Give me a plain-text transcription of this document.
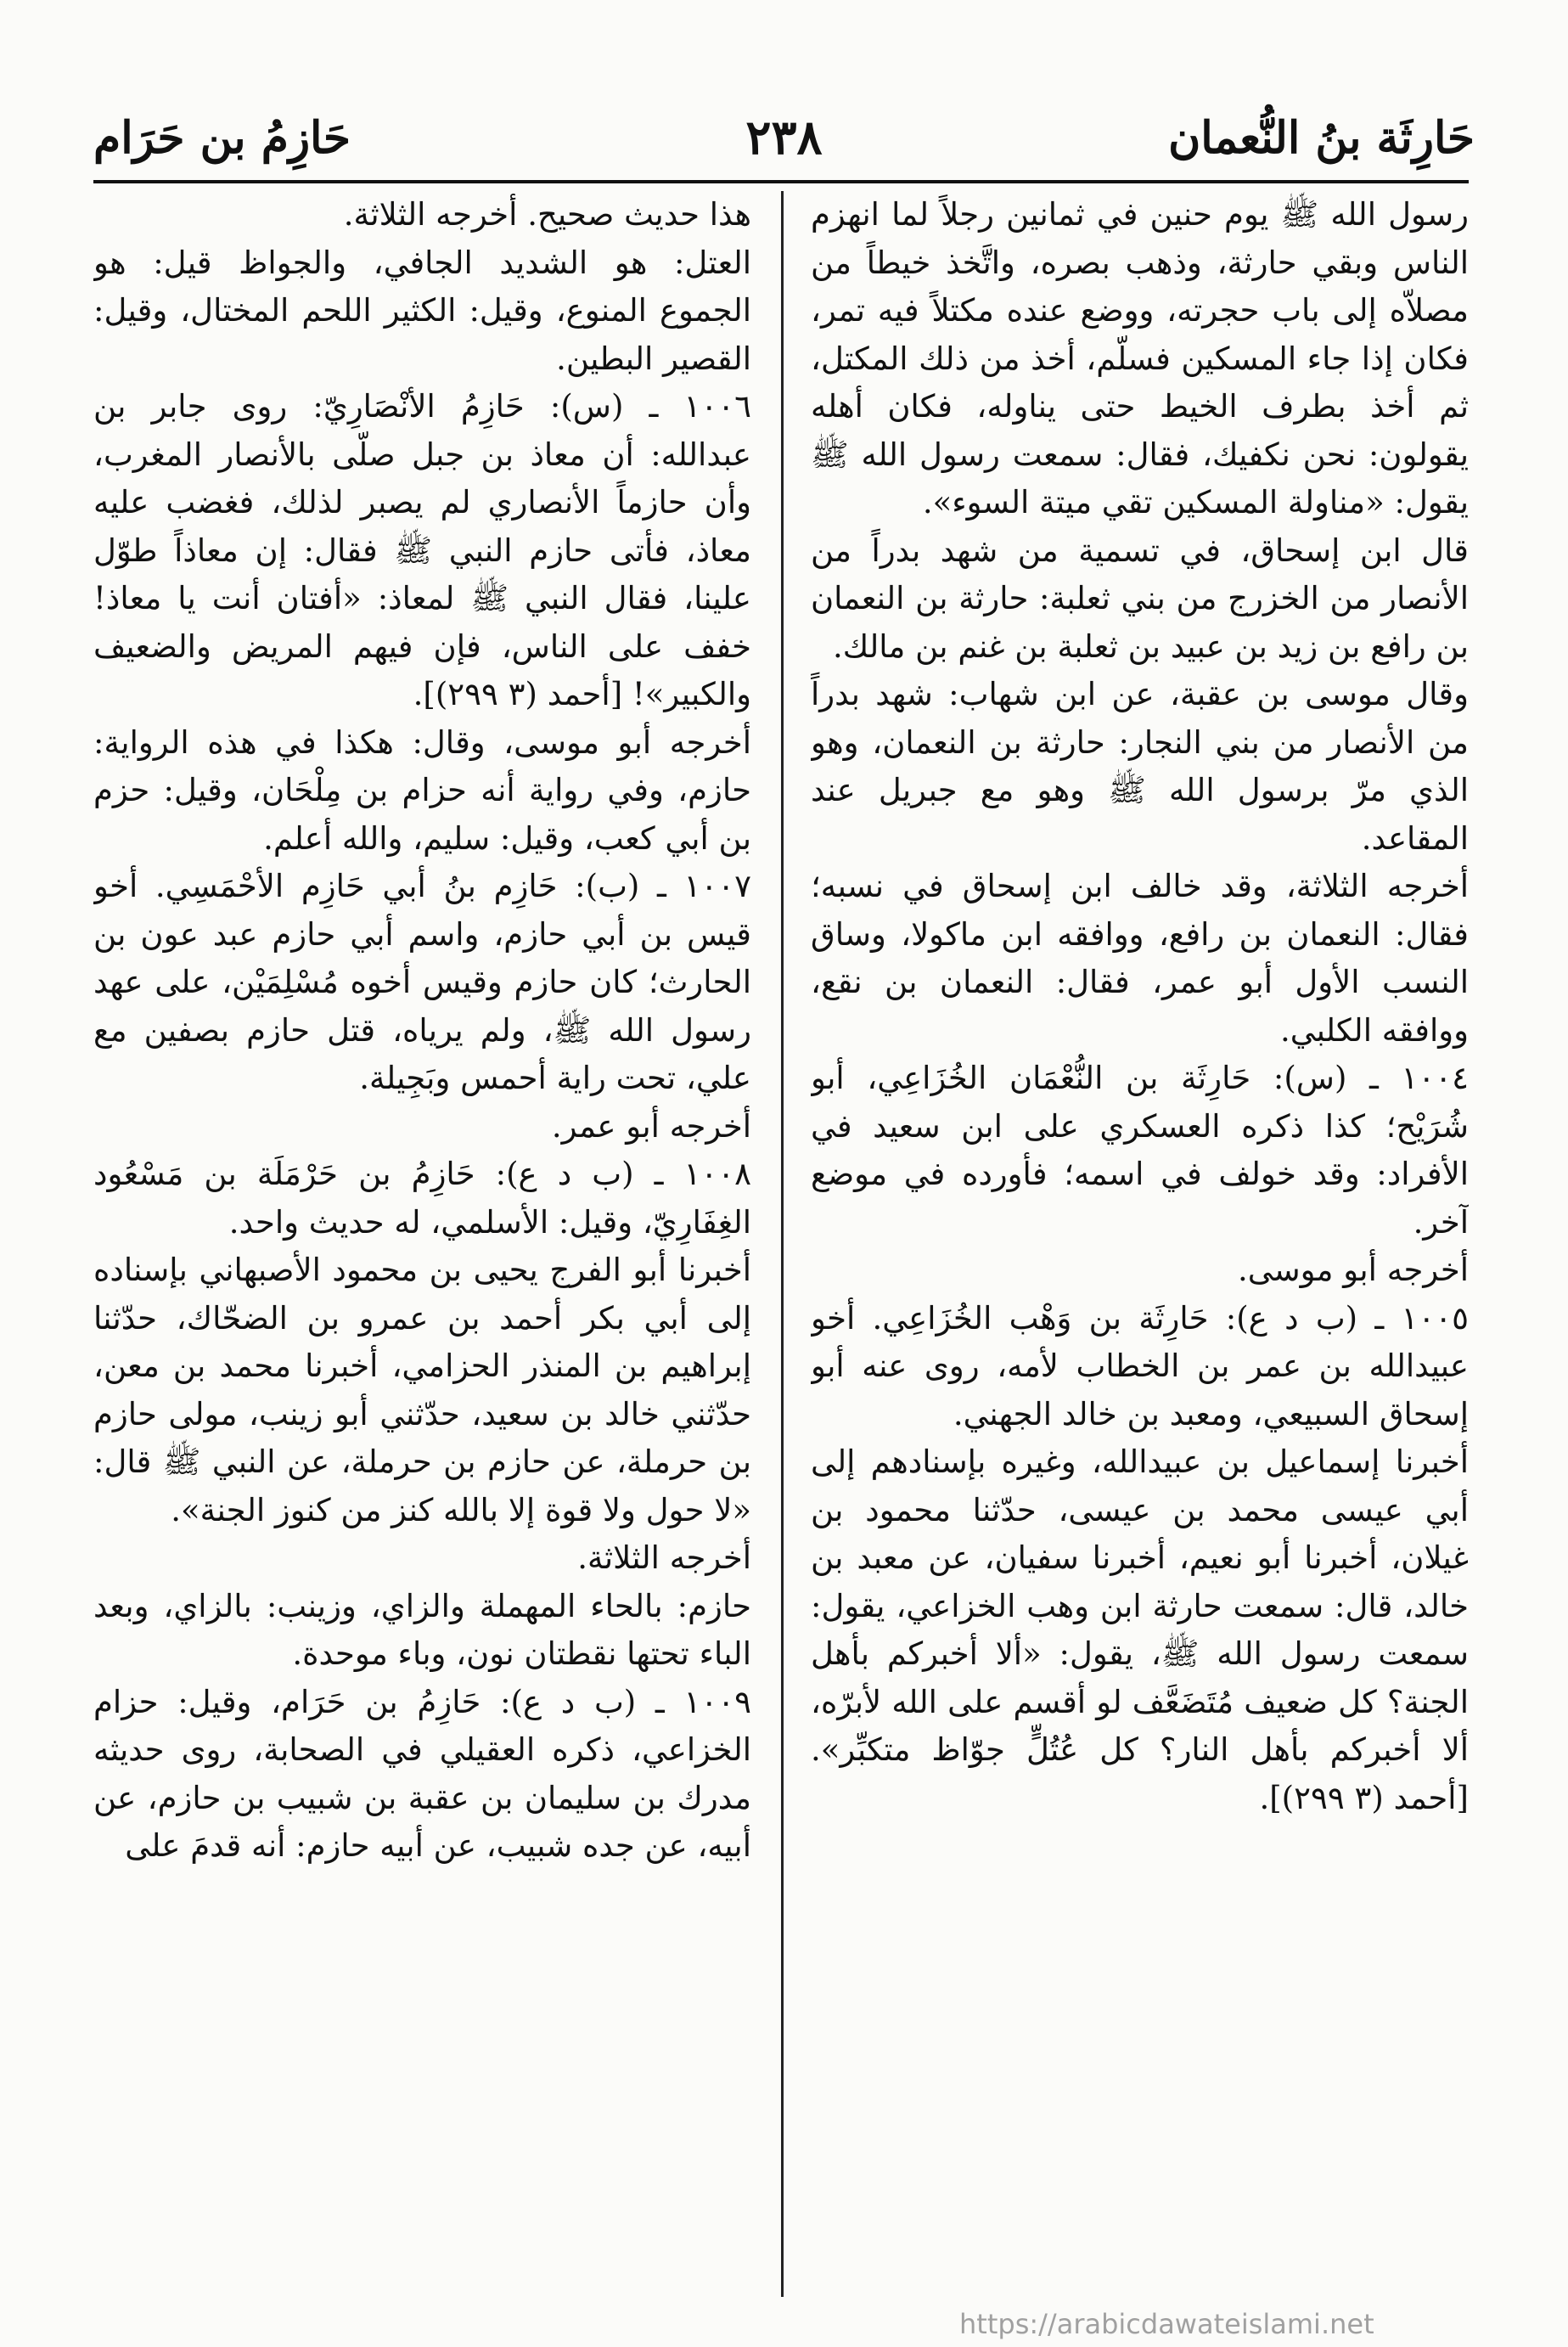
حَارِثَة بنُ النُّعمان
٢٣٨
حَازِمُ بن حَرَام

رسول الله ﷺ يوم حنين في ثمانين رجلاً لما انهزم الناس وبقي حارثة، وذهب بصره، واتَّخذ خيطاً من مصلاّه إلى باب حجرته، ووضع عنده مكتلاً فيه تمر، فكان إذا جاء المسكين فسلّم، أخذ من ذلك المكتل، ثم أخذ بطرف الخيط حتى يناوله، فكان أهله يقولون: نحن نكفيك، فقال: سمعت رسول الله ﷺ يقول: «مناولة المسكين تقي ميتة السوء».

قال ابن إسحاق، في تسمية من شهد بدراً من الأنصار من الخزرج من بني ثعلبة: حارثة بن النعمان بن رافع بن زيد بن عبيد بن ثعلبة بن غنم بن مالك.

وقال موسى بن عقبة، عن ابن شهاب: شهد بدراً من الأنصار من بني النجار: حارثة بن النعمان، وهو الذي مرّ برسول الله ﷺ وهو مع جبريل عند المقاعد.

أخرجه الثلاثة، وقد خالف ابن إسحاق في نسبه؛ فقال: النعمان بن رافع، ووافقه ابن ماكولا، وساق النسب الأول أبو عمر، فقال: النعمان بن نقع، ووافقه الكلبي.

١٠٠٤ ـ (س): حَارِثَة بن النُّعْمَان الخُزَاعِي، أبو شُرَيْح؛ كذا ذكره العسكري على ابن سعيد في الأفراد: وقد خولف في اسمه؛ فأورده في موضع آخر.

أخرجه أبو موسى.

١٠٠٥ ـ (ب د ع): حَارِثَة بن وَهْب الخُزَاعِي. أخو عبيدالله بن عمر بن الخطاب لأمه، روى عنه أبو إسحاق السبيعي، ومعبد بن خالد الجهني.

أخبرنا إسماعيل بن عبيدالله، وغيره بإسنادهم إلى أبي عيسى محمد بن عيسى، حدّثنا محمود بن غيلان، أخبرنا أبو نعيم، أخبرنا سفيان، عن معبد بن خالد، قال: سمعت حارثة ابن وهب الخزاعي، يقول: سمعت رسول الله ﷺ، يقول: «ألا أخبركم بأهل الجنة؟ كل ضعيف مُتَضَعَّف لو أقسم على الله لأبرّه، ألا أخبركم بأهل النار؟ كل عُتُلٍّ جوّاظ متكبِّر». [أحمد (٣ ٢٩٩)].

هذا حديث صحيح. أخرجه الثلاثة.

العتل: هو الشديد الجافي، والجواظ قيل: هو الجموع المنوع، وقيل: الكثير اللحم المختال، وقيل: القصير البطين.

١٠٠٦ ـ (س): حَازِمُ الأنْصَارِيّ: روى جابر بن عبدالله: أن معاذ بن جبل صلّى بالأنصار المغرب، وأن حازماً الأنصاري لم يصبر لذلك، فغضب عليه معاذ، فأتى حازم النبي ﷺ فقال: إن معاذاً طوّل علينا، فقال النبي ﷺ لمعاذ: «أفتان أنت يا معاذ! خفف على الناس، فإن فيهم المريض والضعيف والكبير»! [أحمد (٣ ٢٩٩)].

أخرجه أبو موسى، وقال: هكذا في هذه الرواية: حازم، وفي رواية أنه حزام بن مِلْحَان، وقيل: حزم بن أبي كعب، وقيل: سليم، والله أعلم.

١٠٠٧ ـ (ب): حَازِم بنُ أبي حَازِم الأحْمَسِي. أخو قيس بن أبي حازم، واسم أبي حازم عبد عون بن الحارث؛ كان حازم وقيس أخوه مُسْلِمَيْن، على عهد رسول الله ﷺ، ولم يرياه، قتل حازم بصفين مع علي، تحت راية أحمس وبَجِيلة.

أخرجه أبو عمر.

١٠٠٨ ـ (ب د ع): حَازِمُ بن حَرْمَلَة بن مَسْعُود الغِفَارِيّ، وقيل: الأسلمي، له حديث واحد.

أخبرنا أبو الفرج يحيى بن محمود الأصبهاني بإسناده إلى أبي بكر أحمد بن عمرو بن الضحّاك، حدّثنا إبراهيم بن المنذر الحزامي، أخبرنا محمد بن معن، حدّثني خالد بن سعيد، حدّثني أبو زينب، مولى حازم بن حرملة، عن حازم بن حرملة، عن النبي ﷺ قال: «لا حول ولا قوة إلا بالله كنز من كنوز الجنة».

أخرجه الثلاثة.

حازم: بالحاء المهملة والزاي، وزينب: بالزاي، وبعد الباء تحتها نقطتان نون، وباء موحدة.

١٠٠٩ ـ (ب د ع): حَازِمُ بن حَرَام، وقيل: حزام الخزاعي، ذكره العقيلي في الصحابة، روى حديثه مدرك بن سليمان بن عقبة بن شبيب بن حازم، عن أبيه، عن جده شبيب، عن أبيه حازم: أنه قدمَ على

https://arabicdawateislami.net
